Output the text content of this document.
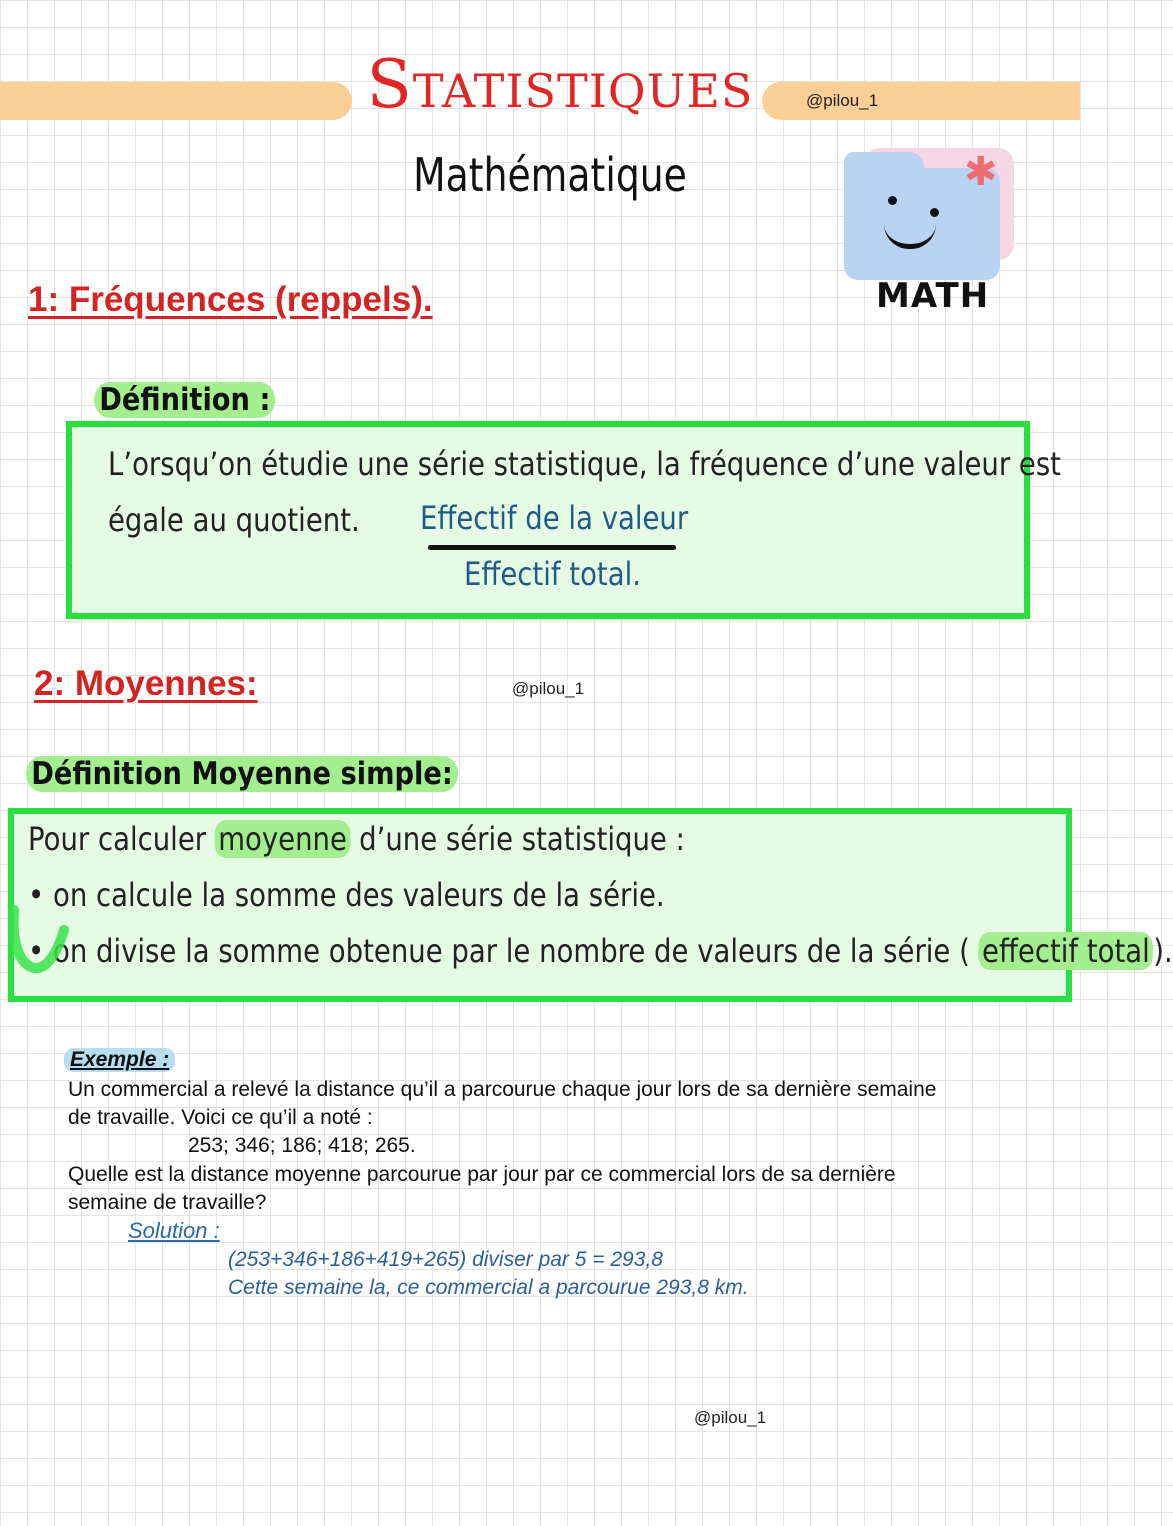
@pilou_1
Statistiques
Mathématique	✱
MATH
1: Fréquences (reppels).
Définition :
L’orsqu’on étudie une série statistique, la fréquence d’une valeur est
égale au quotient. Effectif de la valeur
Effectif total.
2: Moyennes:	@pilou_1
Définition Moyenne simple:
Pour calculer moyenne d’une série statistique :
• on calcule la somme des valeurs de la série.
• on divise la somme obtenue par le nombre de valeurs de la série ( effectif total ).
Exemple :
Un commercial a relevé la distance qu’il a parcourue chaque jour lors de sa dernière semaine
de travaille. Voici ce qu’il a noté :
253; 346; 186; 418; 265.
Quelle est la distance moyenne parcourue par jour par ce commercial lors de sa dernière
semaine de travaille?
Solution :
(253+346+186+419+265) diviser par 5 = 293,8
Cette semaine la, ce commercial a parcourue 293,8 km.
@pilou_1
